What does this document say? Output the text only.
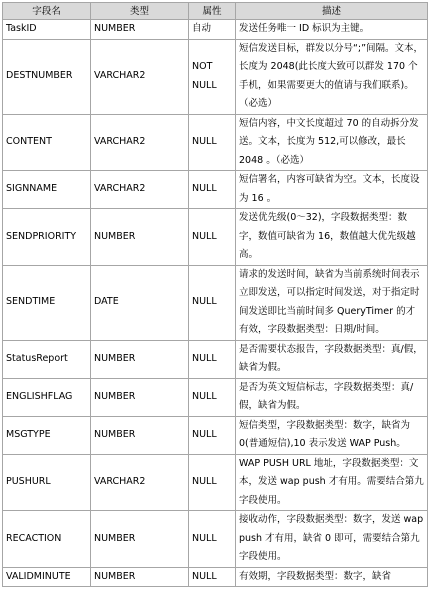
字段名	类型	属性	描述
TaskID	NUMBER	自动	发送任务唯一 ID 标识为主键。
DESTNUMBER	VARCHAR2	NOT NULL	短信发送目标，群发以分号“;”间隔。文本，长度为 2048(此长度大致可以群发 170 个手机，如果需要更大的值请与我们联系)。（必选）
CONTENT	VARCHAR2	NULL	短信内容，中文长度超过 70 的自动拆分发送。文本，长度为 512,可以修改，最长 2048 。（必选）
SIGNNAME	VARCHAR2	NULL	短信署名，内容可缺省为空。文本，长度设为 16 。
SENDPRIORITY	NUMBER	NULL	发送优先级(0～32)，字段数据类型：数字，数值可缺省为 16，数值越大优先级越高。
SENDTIME	DATE	NULL	请求的发送时间，缺省为当前系统时间表示立即发送，可以指定时间发送，对于指定时间发送即比当前时间多 QueryTimer 的才有效，字段数据类型：日期/时间。
StatusReport	NUMBER	NULL	是否需要状态报告，字段数据类型：真/假，缺省为假。
ENGLISHFLAG	NUMBER	NULL	是否为英文短信标志，字段数据类型：真/假，缺省为假。
MSGTYPE	NUMBER	NULL	短信类型，字段数据类型：数字，缺省为 0(普通短信),10 表示发送 WAP Push。
PUSHURL	VARCHAR2	NULL	WAP PUSH URL 地址，字段数据类型：文本，发送 wap push 才有用。需要结合第九字段使用。
RECACTION	NUMBER	NULL	接收动作，字段数据类型：数字，发送 wap push 才有用，缺省 0 即可，需要结合第九字段使用。
VALIDMINUTE	NUMBER	NULL	有效期，字段数据类型：数字，缺省
